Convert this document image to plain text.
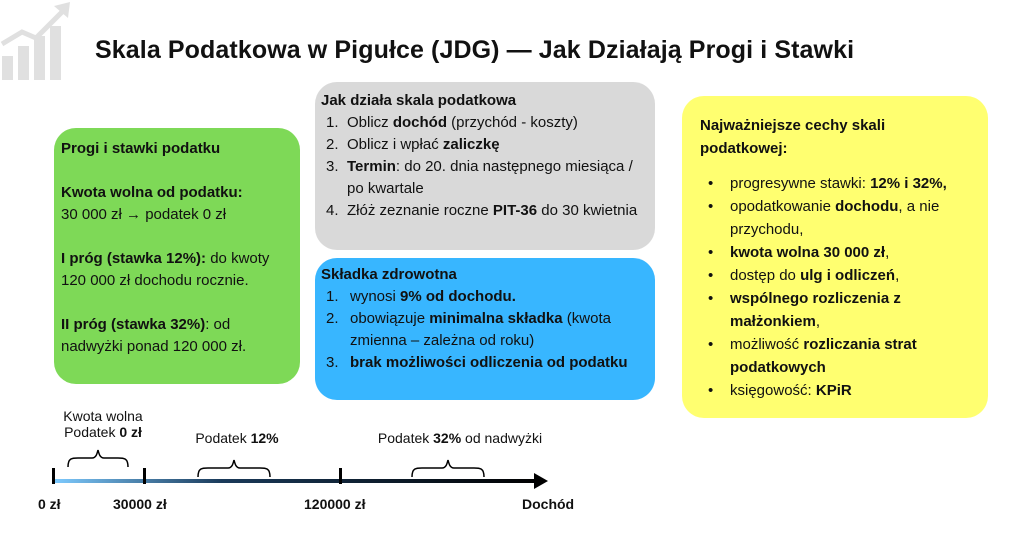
Skala Podatkowa w Pigułce (JDG) — Jak Działają Progi i Stawki

Progi i stawki podatku

Kwota wolna od podatku:

30 000 zł → podatek 0 zł

I próg (stawka 12%): do kwoty 120 000 zł dochodu rocznie.

II próg (stawka 32%): od nadwyżki ponad 120 000 zł.

Jak działa skala podatkowa
1. Oblicz dochód (przychód - koszty)
2. Oblicz i wpłać zaliczkę
3. Termin: do 20. dnia następnego miesiąca / po kwartale
4. Złóż zeznanie roczne PIT-36 do 30 kwietnia
Składka zdrowotna
1. wynosi 9% od dochodu.
2. obowiązuje minimalna składka (kwota zmienna – zależna od roku)
3. brak możliwości odliczenia od podatku
Najważniejsze cechy skali podatkowej:
•	progresywne stawki: 12% i 32%,
•	opodatkowanie dochodu, a nie przychodu,
•	kwota wolna 30 000 zł,
•	dostęp do ulg i odliczeń,
•	wspólnego rozliczenia z małżonkiem,
•	możliwość rozliczania strat podatkowych
•	księgowość: KPiR
Kwota wolna
Podatek 0 zł	Podatek 12%	Podatek 32% od nadwyżki
0 zł	30000 zł	120000 zł	Dochód
